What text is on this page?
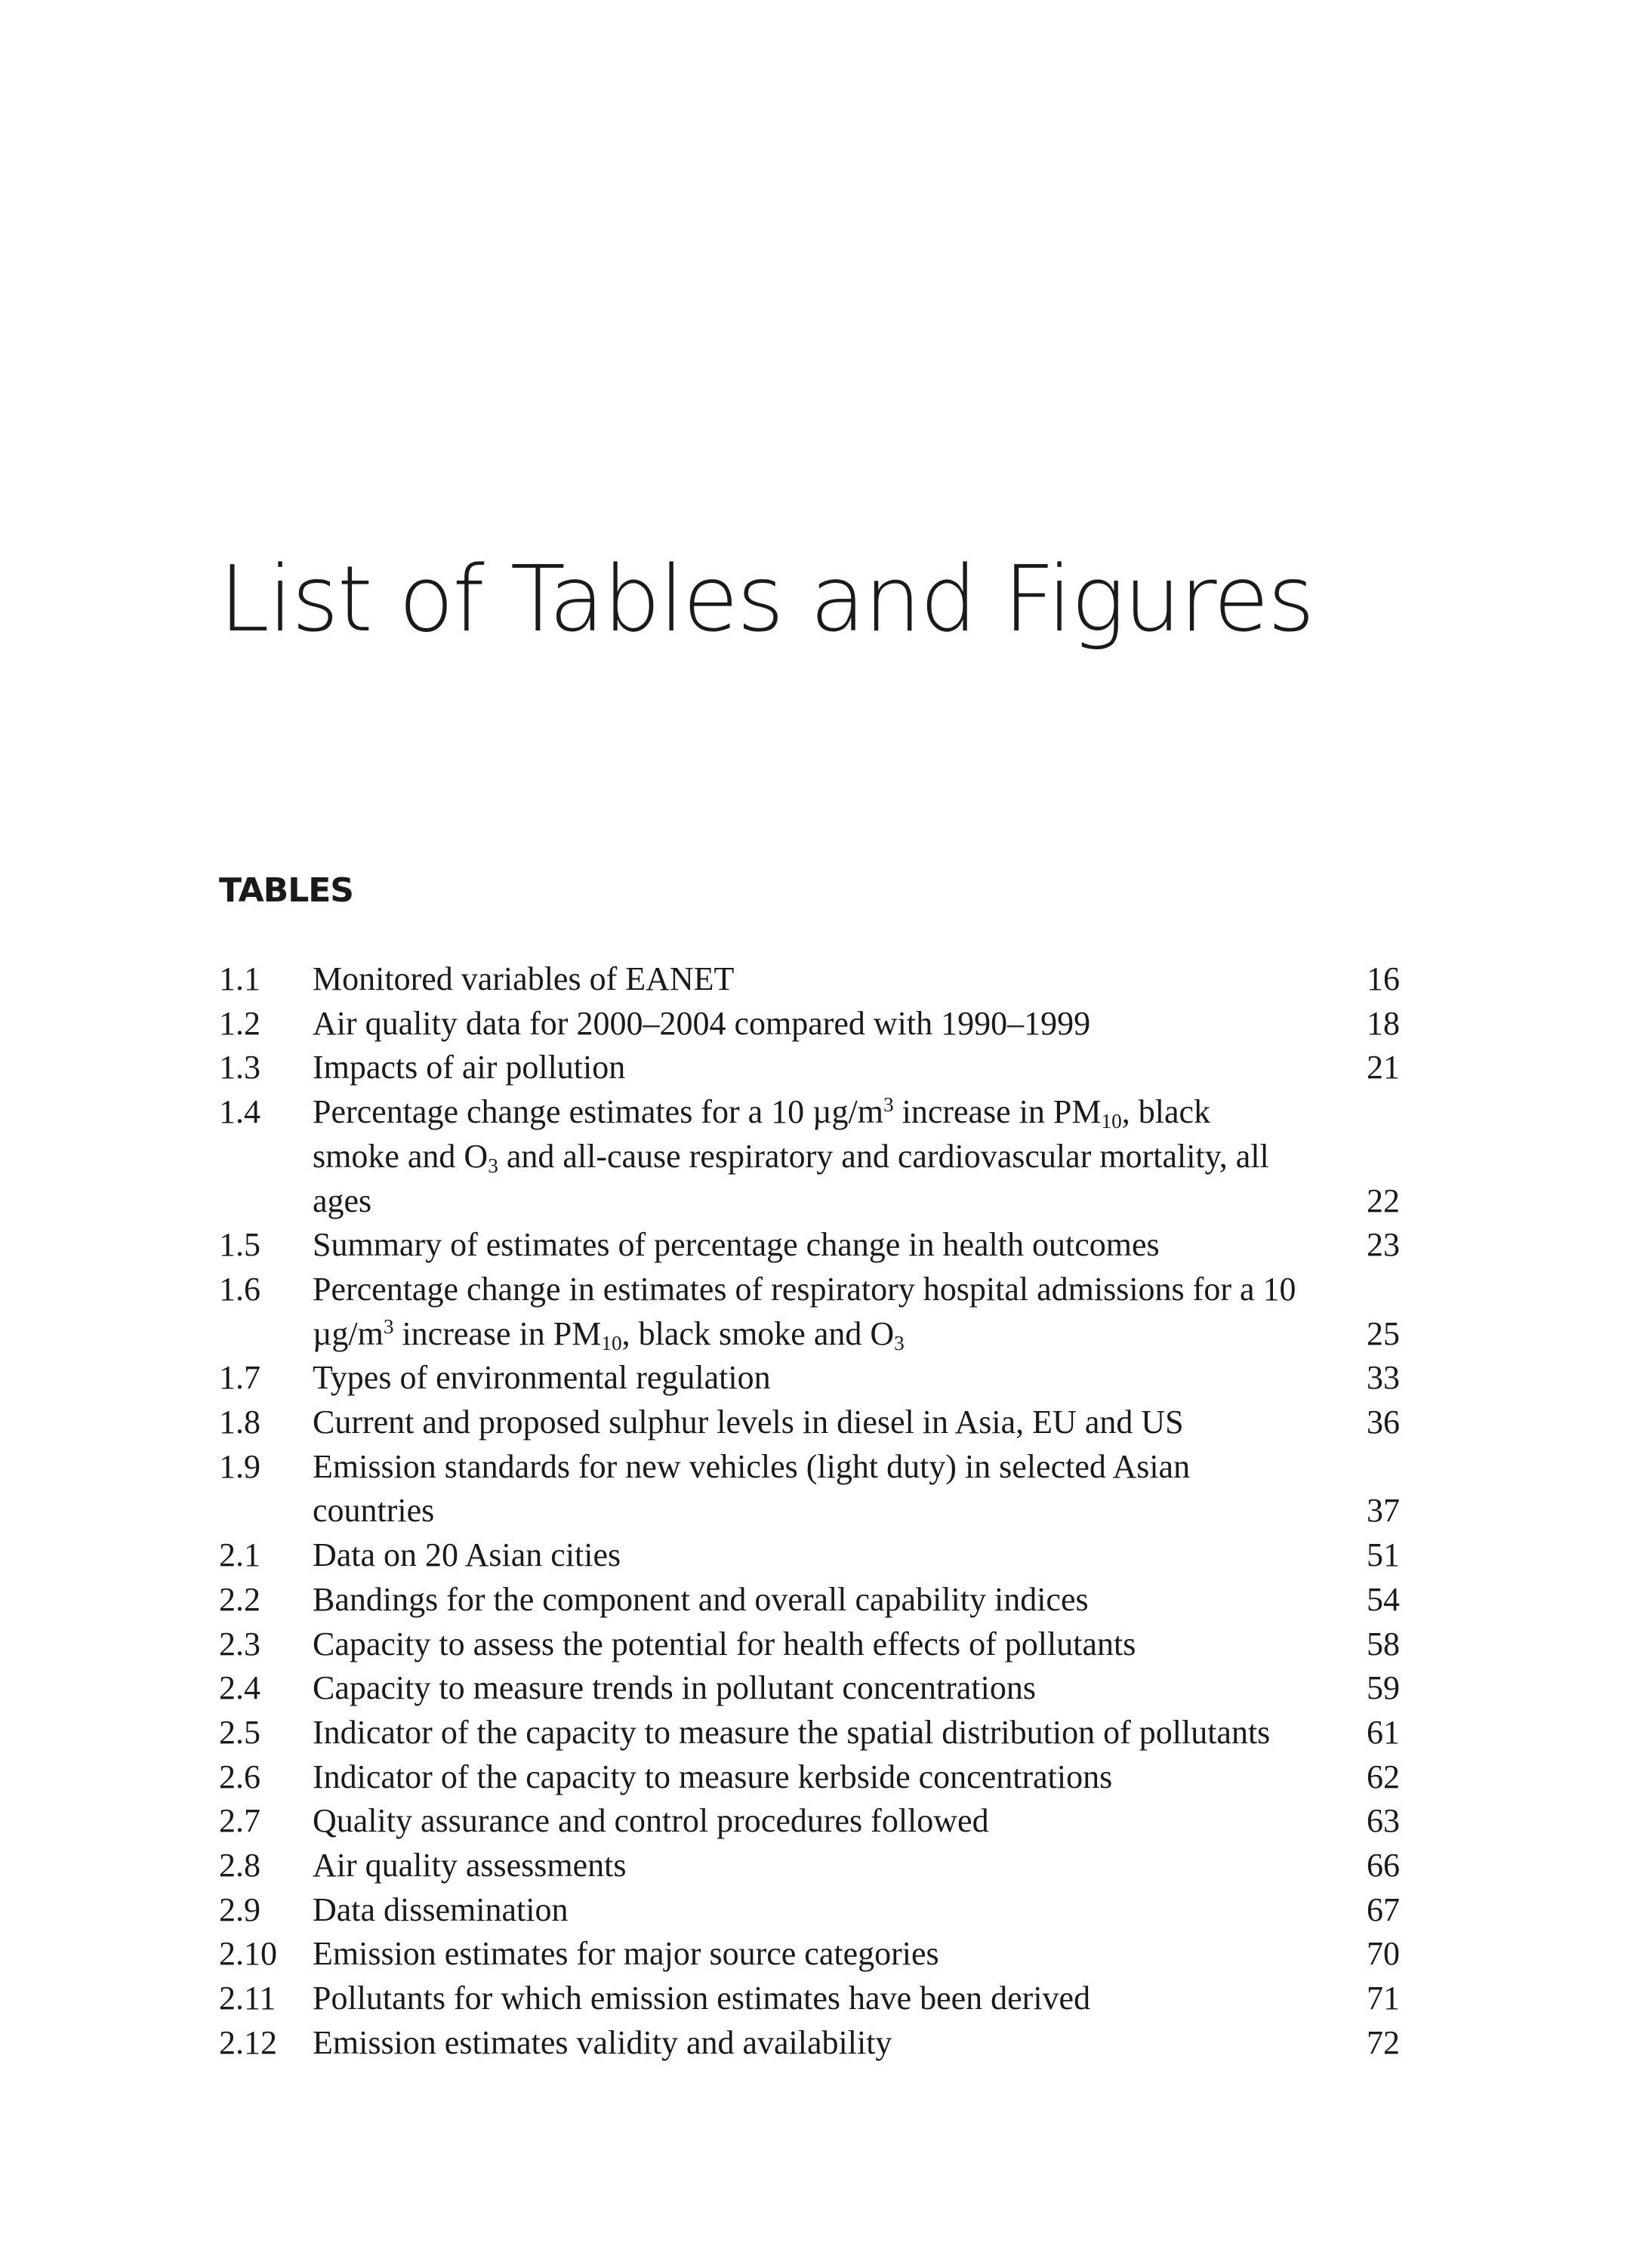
List of Tables and Figures
TABLES
1.1	Monitored variables of EANET	16
1.2	Air quality data for 2000–2004 compared with 1990–1999	18
1.3	Impacts of air pollution	21
1.4	Percentage change estimates for a 10 $\mu g/m^3$ increase in $PM_{10}$, black smoke and $O_3$ and all-cause respiratory and cardiovascular mortality, all ages	22
1.5	Summary of estimates of percentage change in health outcomes	23
1.6	Percentage change in estimates of respiratory hospital admissions for a 10 $\mu g/m^3$ increase in $PM_{10}$, black smoke and $O_3$	25
1.7	Types of environmental regulation	33
1.8	Current and proposed sulphur levels in diesel in Asia, EU and US	36
1.9	Emission standards for new vehicles (light duty) in selected Asian countries	37
2.1	Data on 20 Asian cities	51
2.2	Bandings for the component and overall capability indices	54
2.3	Capacity to assess the potential for health effects of pollutants	58
2.4	Capacity to measure trends in pollutant concentrations	59
2.5	Indicator of the capacity to measure the spatial distribution of pollutants	61
2.6	Indicator of the capacity to measure kerbside concentrations	62
2.7	Quality assurance and control procedures followed	63
2.8	Air quality assessments	66
2.9	Data dissemination	67
2.10	Emission estimates for major source categories	70
2.11	Pollutants for which emission estimates have been derived	71
2.12	Emission estimates validity and availability	72
